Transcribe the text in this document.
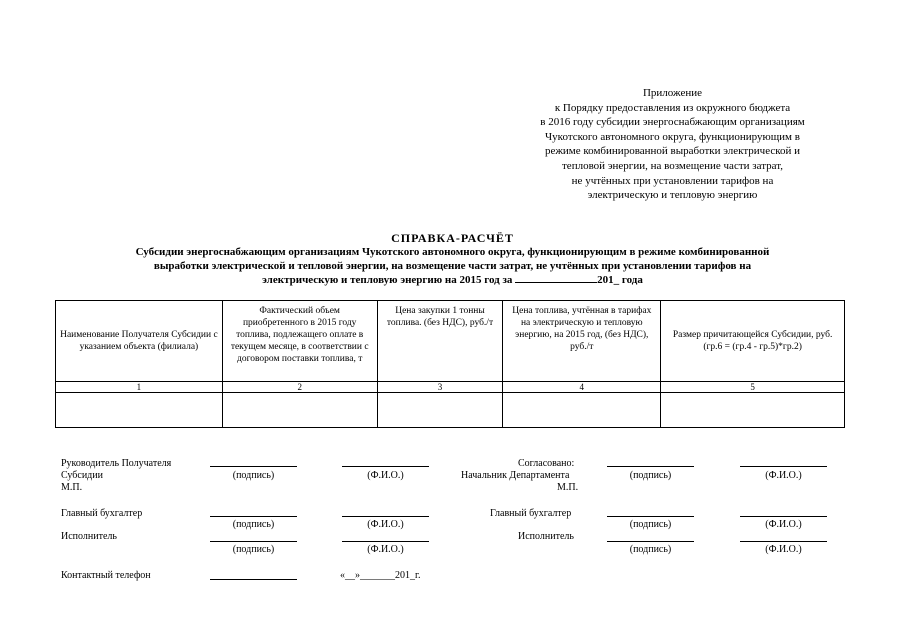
Приложение
к Порядку предоставления из окружного бюджета
в 2016 году субсидии энергоснабжающим организациям
Чукотского автономного округа, функционирующим в
режиме комбинированной выработки электрической и
тепловой энергии, на возмещение части затрат,
не учтённых при установлении тарифов на
электрическую и тепловую энергию
СПРАВКА-РАСЧЁТ
Субсидии энергоснабжающим организациям Чукотского автономного округа, функционирующим в режиме комбинированной
выработки электрической и тепловой энергии, на возмещение части затрат, не учтённых при установлении тарифов на
электрическую и тепловую энергию на 2015 год за	201_ года
Наименование Получателя Субсидии с указанием объекта (филиала)	Фактический объем приобретенного в 2015 году топлива, подлежащего оплате в текущем месяце, в соответствии с договором поставки топлива, т	Цена закупки 1 тонны топлива. (без НДС), руб./т	Цена топлива, учтённая в тарифах на электрическую и тепловую энергию, на 2015 год, (без НДС), руб./т	Размер причитающейся Субсидии, руб. (гр.6 = (гр.4 - гр.5)*гр.2)
1	2	3	4	5

Руководитель Получателя
Субсидии
М.П.
(подпись)	(Ф.И.О.)
Главный бухгалтер
(подпись)	(Ф.И.О.)
Исполнитель
(подпись)	(Ф.И.О.)
Контактный телефон	«__»_______201_г.
Согласовано:
Начальник Департамента
М.П.
(подпись)	(Ф.И.О.)
Главный бухгалтер
(подпись)	(Ф.И.О.)
Исполнитель
(подпись)	(Ф.И.О.)
